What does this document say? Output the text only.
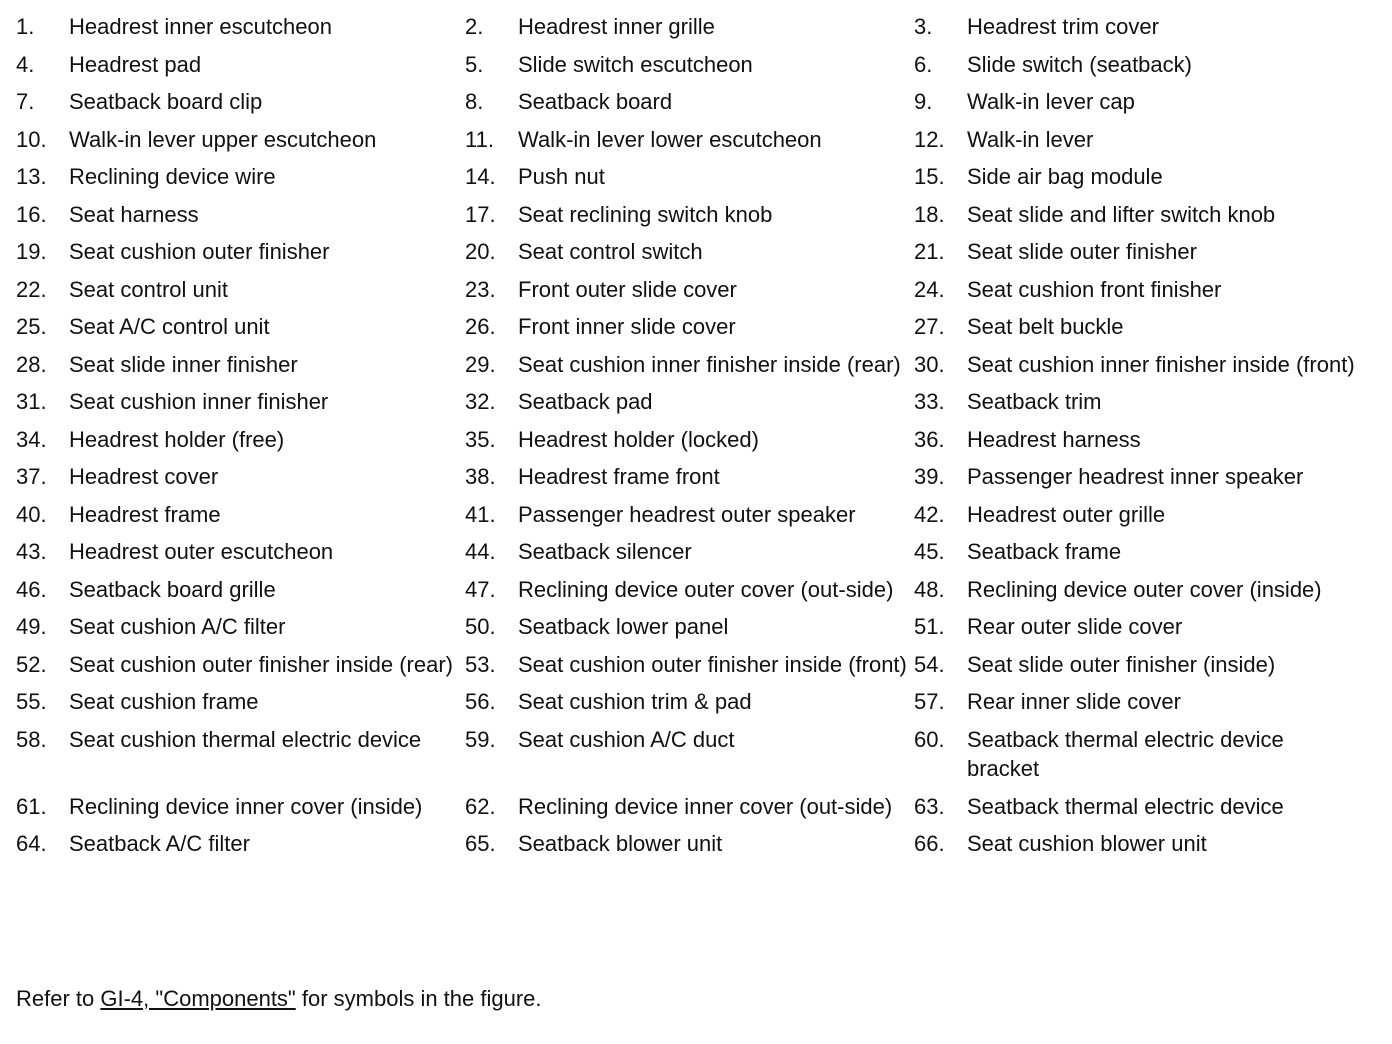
1.	Headrest inner escutcheon	2.	Headrest inner grille	3.	Headrest trim cover
4.	Headrest pad	5.	Slide switch escutcheon	6.	Slide switch (seatback)
7.	Seatback board clip	8.	Seatback board	9.	Walk-in lever cap
10.	Walk-in lever upper escutcheon	11.	Walk-in lever lower escutcheon	12.	Walk-in lever
13.	Reclining device wire	14.	Push nut	15.	Side air bag module
16.	Seat harness	17.	Seat reclining switch knob	18.	Seat slide and lifter switch knob
19.	Seat cushion outer finisher	20.	Seat control switch	21.	Seat slide outer finisher
22.	Seat control unit	23.	Front outer slide cover	24.	Seat cushion front finisher
25.	Seat A/C control unit	26.	Front inner slide cover	27.	Seat belt buckle
28.	Seat slide inner finisher	29.	Seat cushion inner finisher inside (rear) 30.	Seat cushion inner finisher inside (front)
31.	Seat cushion inner finisher	32.	Seatback pad	33.	Seatback trim
34.	Headrest holder (free)	35.	Headrest holder (locked)	36.	Headrest harness
37.	Headrest cover	38.	Headrest frame front	39.	Passenger headrest inner speaker
40.	Headrest frame	41.	Passenger headrest outer speaker	42.	Headrest outer grille
43.	Headrest outer escutcheon	44.	Seatback silencer	45.	Seatback frame
46.	Seatback board grille	47.	Reclining device outer cover (out-side) 48.	Reclining device outer cover (inside)
49.	Seat cushion A/C filter	50.	Seatback lower panel	51.	Rear outer slide cover
52.	Seat cushion outer finisher inside (rear) 53.	Seat cushion outer finisher inside (front) 54.	Seat slide outer finisher (inside)
55.	Seat cushion frame	56.	Seat cushion trim & pad	57.	Rear inner slide cover
58.	Seat cushion thermal electric device	59.	Seat cushion A/C duct	60.	Seatback thermal electric device bracket
61.	Reclining device inner cover (inside)	62.	Reclining device inner cover (out-side) 63.	Seatback thermal electric device
64.	Seatback A/C filter	65.	Seatback blower unit	66.	Seat cushion blower unit
Refer to GI-4, "Components" for symbols in the figure.
